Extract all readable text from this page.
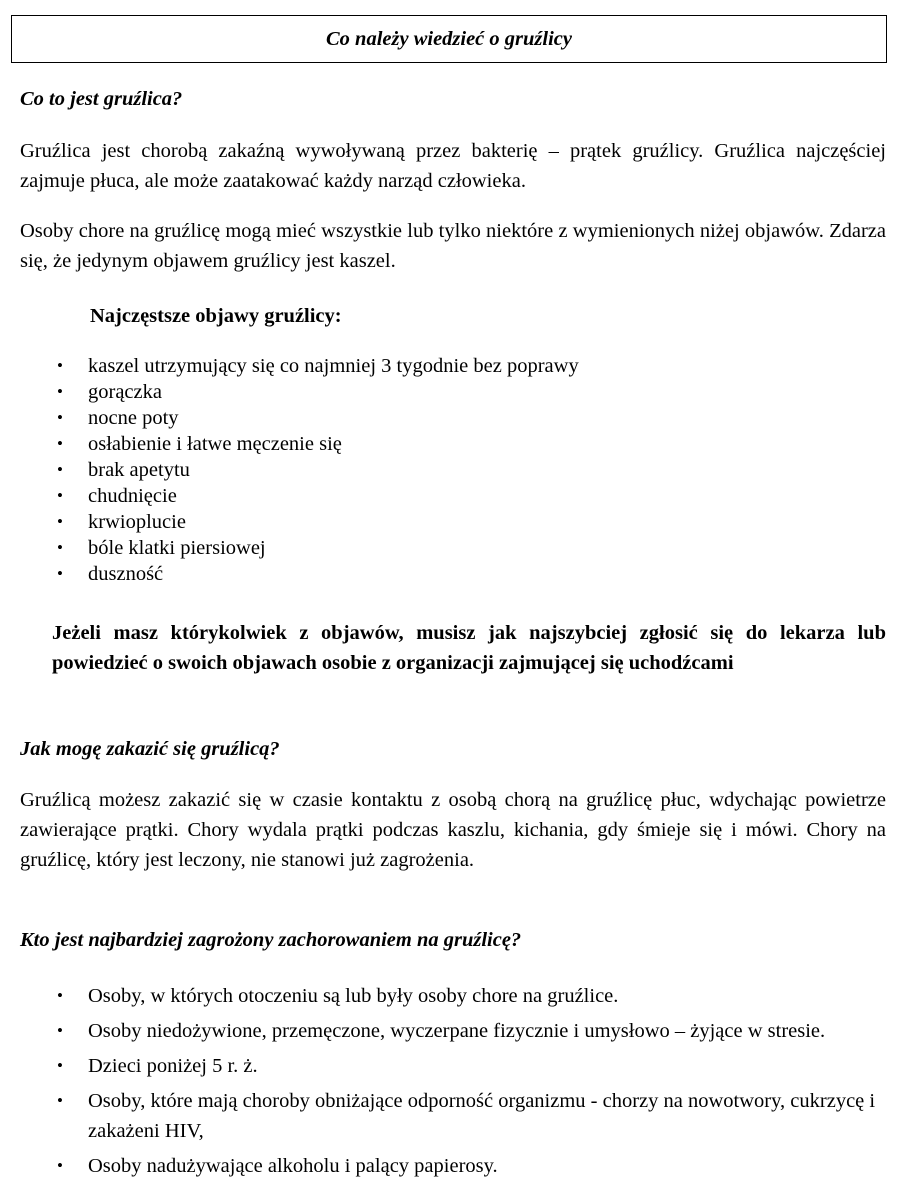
Co należy wiedzieć o gruźlicy
Co to jest gruźlica?
Gruźlica jest chorobą zakaźną wywoływaną przez bakterię – prątek gruźlicy. Gruźlica najczęściej zajmuje płuca, ale może zaatakować każdy narząd człowieka.
Osoby chore na gruźlicę mogą mieć wszystkie lub tylko niektóre z wymienionych niżej objawów. Zdarza się, że jedynym objawem gruźlicy jest kaszel.
Najczęstsze objawy gruźlicy:
• kaszel utrzymujący się co najmniej 3 tygodnie bez poprawy
• gorączka
• nocne poty
• osłabienie i łatwe męczenie się
• brak apetytu
• chudnięcie
• krwioplucie
• bóle klatki piersiowej
• duszność
Jeżeli masz którykolwiek z objawów, musisz jak najszybciej zgłosić się do lekarza lub powiedzieć o swoich objawach osobie z organizacji zajmującej się uchodźcami
Jak mogę zakazić się gruźlicą?
Gruźlicą możesz zakazić się w czasie kontaktu z osobą chorą na gruźlicę płuc, wdychając powietrze zawierające prątki. Chory wydala prątki podczas kaszlu, kichania, gdy śmieje się i mówi. Chory na gruźlicę, który jest leczony, nie stanowi już zagrożenia.
Kto jest najbardziej zagrożony zachorowaniem na gruźlicę?
• Osoby, w których otoczeniu są lub były osoby chore na gruźlice.
• Osoby niedożywione, przemęczone, wyczerpane fizycznie i umysłowo – żyjące w stresie.
• Dzieci poniżej 5 r. ż.
• Osoby, które mają choroby obniżające odporność organizmu - chorzy na nowotwory, cukrzycę i zakażeni HIV,
• Osoby nadużywające alkoholu i palący papierosy.
